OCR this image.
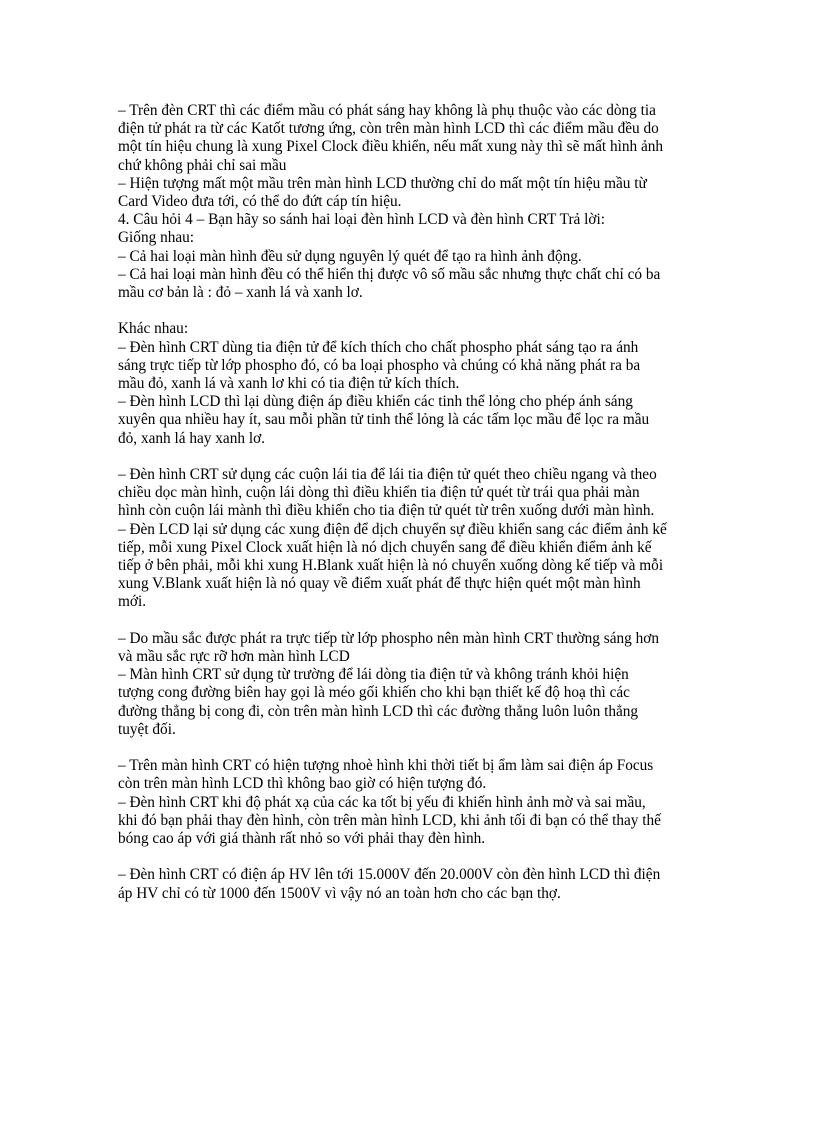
– Trên đèn CRT thì các điểm mầu có phát sáng hay không là phụ thuộc vào các dòng tia
điện tử phát ra từ các Katốt tương ứng, còn trên màn hình LCD thì các điểm mầu đều do
một tín hiệu chung là xung Pixel Clock điều khiển, nếu mất xung này thì sẽ mất hình ảnh
chứ không phải chỉ sai mầu

– Hiện tượng mất một mầu trên màn hình LCD thường chỉ do mất một tín hiệu mầu từ
Card Video đưa tới, có thể do đứt cáp tín hiệu.

4. Câu hỏi 4 – Bạn hãy so sánh hai loại đèn hình LCD và đèn hình CRT Trả lời:

Giống nhau:

– Cả hai loại màn hình đều sử dụng nguyên lý quét để tạo ra hình ảnh động.

– Cả hai loại màn hình đều có thể hiển thị được vô số mầu sắc nhưng thực chất chỉ có ba
mầu cơ bản là : đỏ – xanh lá và xanh lơ.

Khác nhau:

– Đèn hình CRT dùng tia điện tử để kích thích cho chất phospho phát sáng tạo ra ánh
sáng trực tiếp từ lớp phospho đó, có ba loại phospho và chúng có khả năng phát ra ba
mầu đỏ, xanh lá và xanh lơ khi có tia điện tử kích thích.

– Đèn hình LCD thì lại dùng điện áp điều khiển các tinh thể lỏng cho phép ánh sáng
xuyên qua nhiều hay ít, sau mỗi phần tử tinh thể lỏng là các tấm lọc mầu để lọc ra mầu
đỏ, xanh lá hay xanh lơ.

– Đèn hình CRT sử dụng các cuộn lái tia để lái tia điện tử quét theo chiều ngang và theo
chiều dọc màn hình, cuộn lái dòng thì điều khiển tia điện tử quét từ trái qua phải màn
hình còn cuộn lái mành thì điều khiển cho tia điện tử quét từ trên xuống dưới màn hình.

– Đèn LCD lại sử dụng các xung điện để dịch chuyển sự điều khiển sang các điểm ảnh kế
tiếp, mỗi xung Pixel Clock xuất hiện là nó dịch chuyển sang để điều khiển điểm ảnh kế
tiếp ở bên phải, mỗi khi xung H.Blank xuất hiện là nó chuyển xuống dòng kế tiếp và mỗi
xung V.Blank xuất hiện là nó quay về điểm xuất phát để thực hiện quét một màn hình
mới.

– Do mầu sắc được phát ra trực tiếp từ lớp phospho nên màn hình CRT thường sáng hơn
và mầu sắc rực rỡ hơn màn hình LCD

– Màn hình CRT sử dụng từ trường để lái dòng tia điện tử và không tránh khỏi hiện
tượng cong đường biên hay gọi là méo gối khiến cho khi bạn thiết kế độ hoạ thì các
đường thẳng bị cong đi, còn trên màn hình LCD thì các đường thẳng luôn luôn thẳng
tuyệt đối.

– Trên màn hình CRT có hiện tượng nhoè hình khi thời tiết bị ẩm làm sai điện áp Focus
còn trên màn hình LCD thì không bao giờ có hiện tượng đó.

– Đèn hình CRT khi độ phát xạ của các ka tốt bị yếu đi khiến hình ảnh mờ và sai mầu,
khi đó bạn phải thay đèn hình, còn trên màn hình LCD, khi ảnh tối đi bạn có thể thay thế
bóng cao áp với giá thành rất nhỏ so với phải thay đèn hình.

– Đèn hình CRT có điện áp HV lên tới 15.000V đến 20.000V còn đèn hình LCD thì điện
áp HV chỉ có từ 1000 đến 1500V vì vậy nó an toàn hơn cho các bạn thợ.
